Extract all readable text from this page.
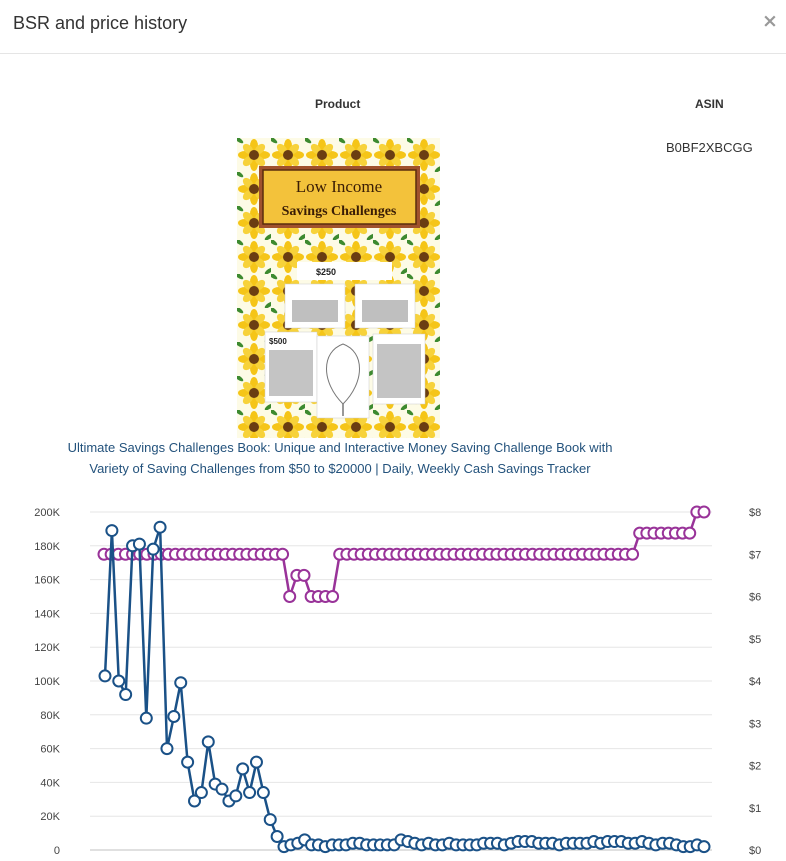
BSR and price history	×
Product	ASIN
B0BF2XBCGG
Low Income
Savings Challenges
$250
$500
Ultimate Savings Challenges Book: Unique and Interactive Money Saving Challenge Book with
Variety of Saving Challenges from $50 to $20000 | Daily, Weekly Cash Savings Tracker
0
20K
40K
60K
80K
100K
120K
140K
160K
180K
200K
$0
$1
$2
$3
$4
$5
$6
$7
$8
